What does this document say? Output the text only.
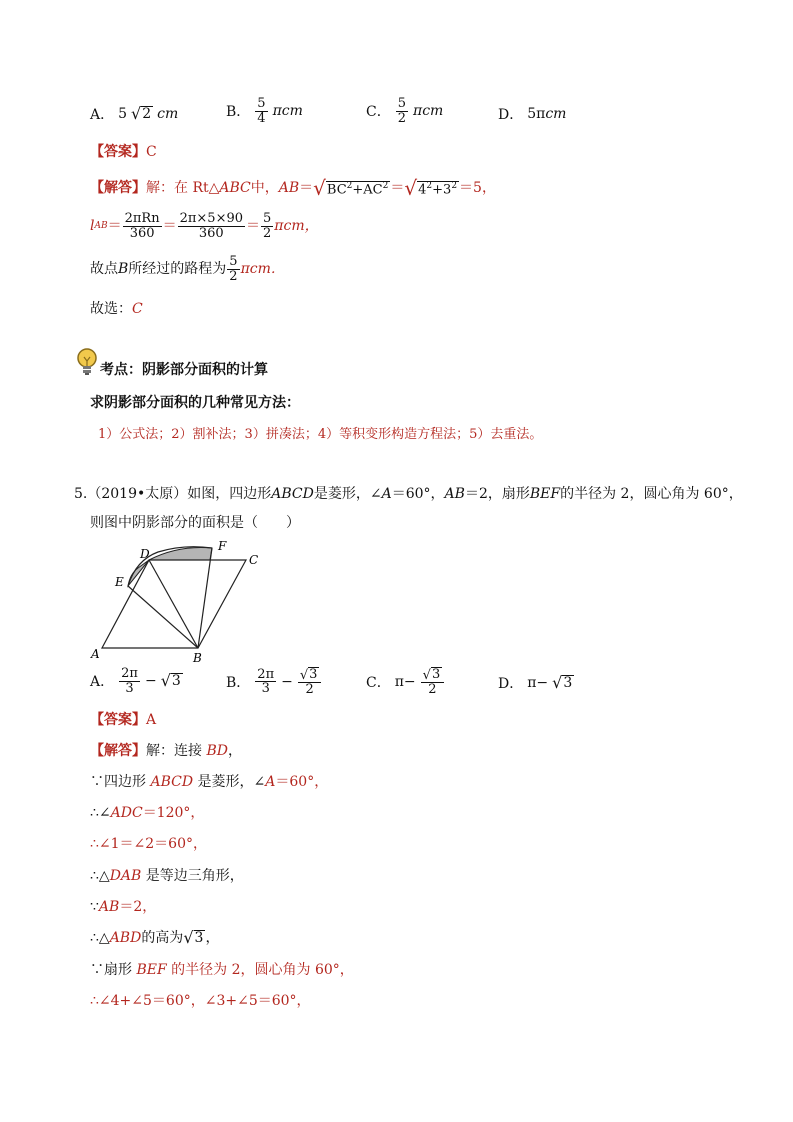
A． 5 √ 2 cm	B． $\frac{5}{4}$ πcm	C． $\frac{5}{2}$ πcm	D． 5π cm
【答案】C
【解答】 解：在 Rt△ ABC 中， AB ＝ √ $BC^2+AC^2$ ＝ √ $4^2+3^2 =5$，
l AB ＝ $\frac{\text{2πRn}}{360} = \frac{2\pi\times 5\times 90}{360} = \frac{5}{2}$ πcm，
故点 B 所经过的路程为 $\frac{5}{2}$ πcm．
故选：C
考点：阴影部分面积的计算
求阴影部分面积的几种常见方法：
1）公式法；2）割补法；3）拼凑法；4）等积变形构造方程法；5）去重法。
5. （2019•太原） 如图，四边形 ABCD 是菱形，∠ A ＝60°， AB ＝2，扇形 BEF 的半径为 2，圆心角为 60°，
则图中阴影部分的面积是（　　）
D
F
C
E
A	B
A． $\frac{2\pi}{3}$ − √ 3	B． $\frac{2\pi}{3} - \frac{√ 3}{2}$	C． $\pi- \frac{√ 3}{2}$	D． π− √ 3
【答案】A
【解答】解：连接 BD，
∵四边形 ABCD 是菱形，∠A＝60°，
∴∠ADC＝120°，
∴∠1＝∠2＝60°，
∴△DAB 是等边三角形，
∵AB＝2，
∴△ ABD 的高为 √ 3 ，
∵扇形 BEF 的半径为 2，圆心角为 60°，
∴∠4+∠5＝60°，∠3+∠5＝60°，
